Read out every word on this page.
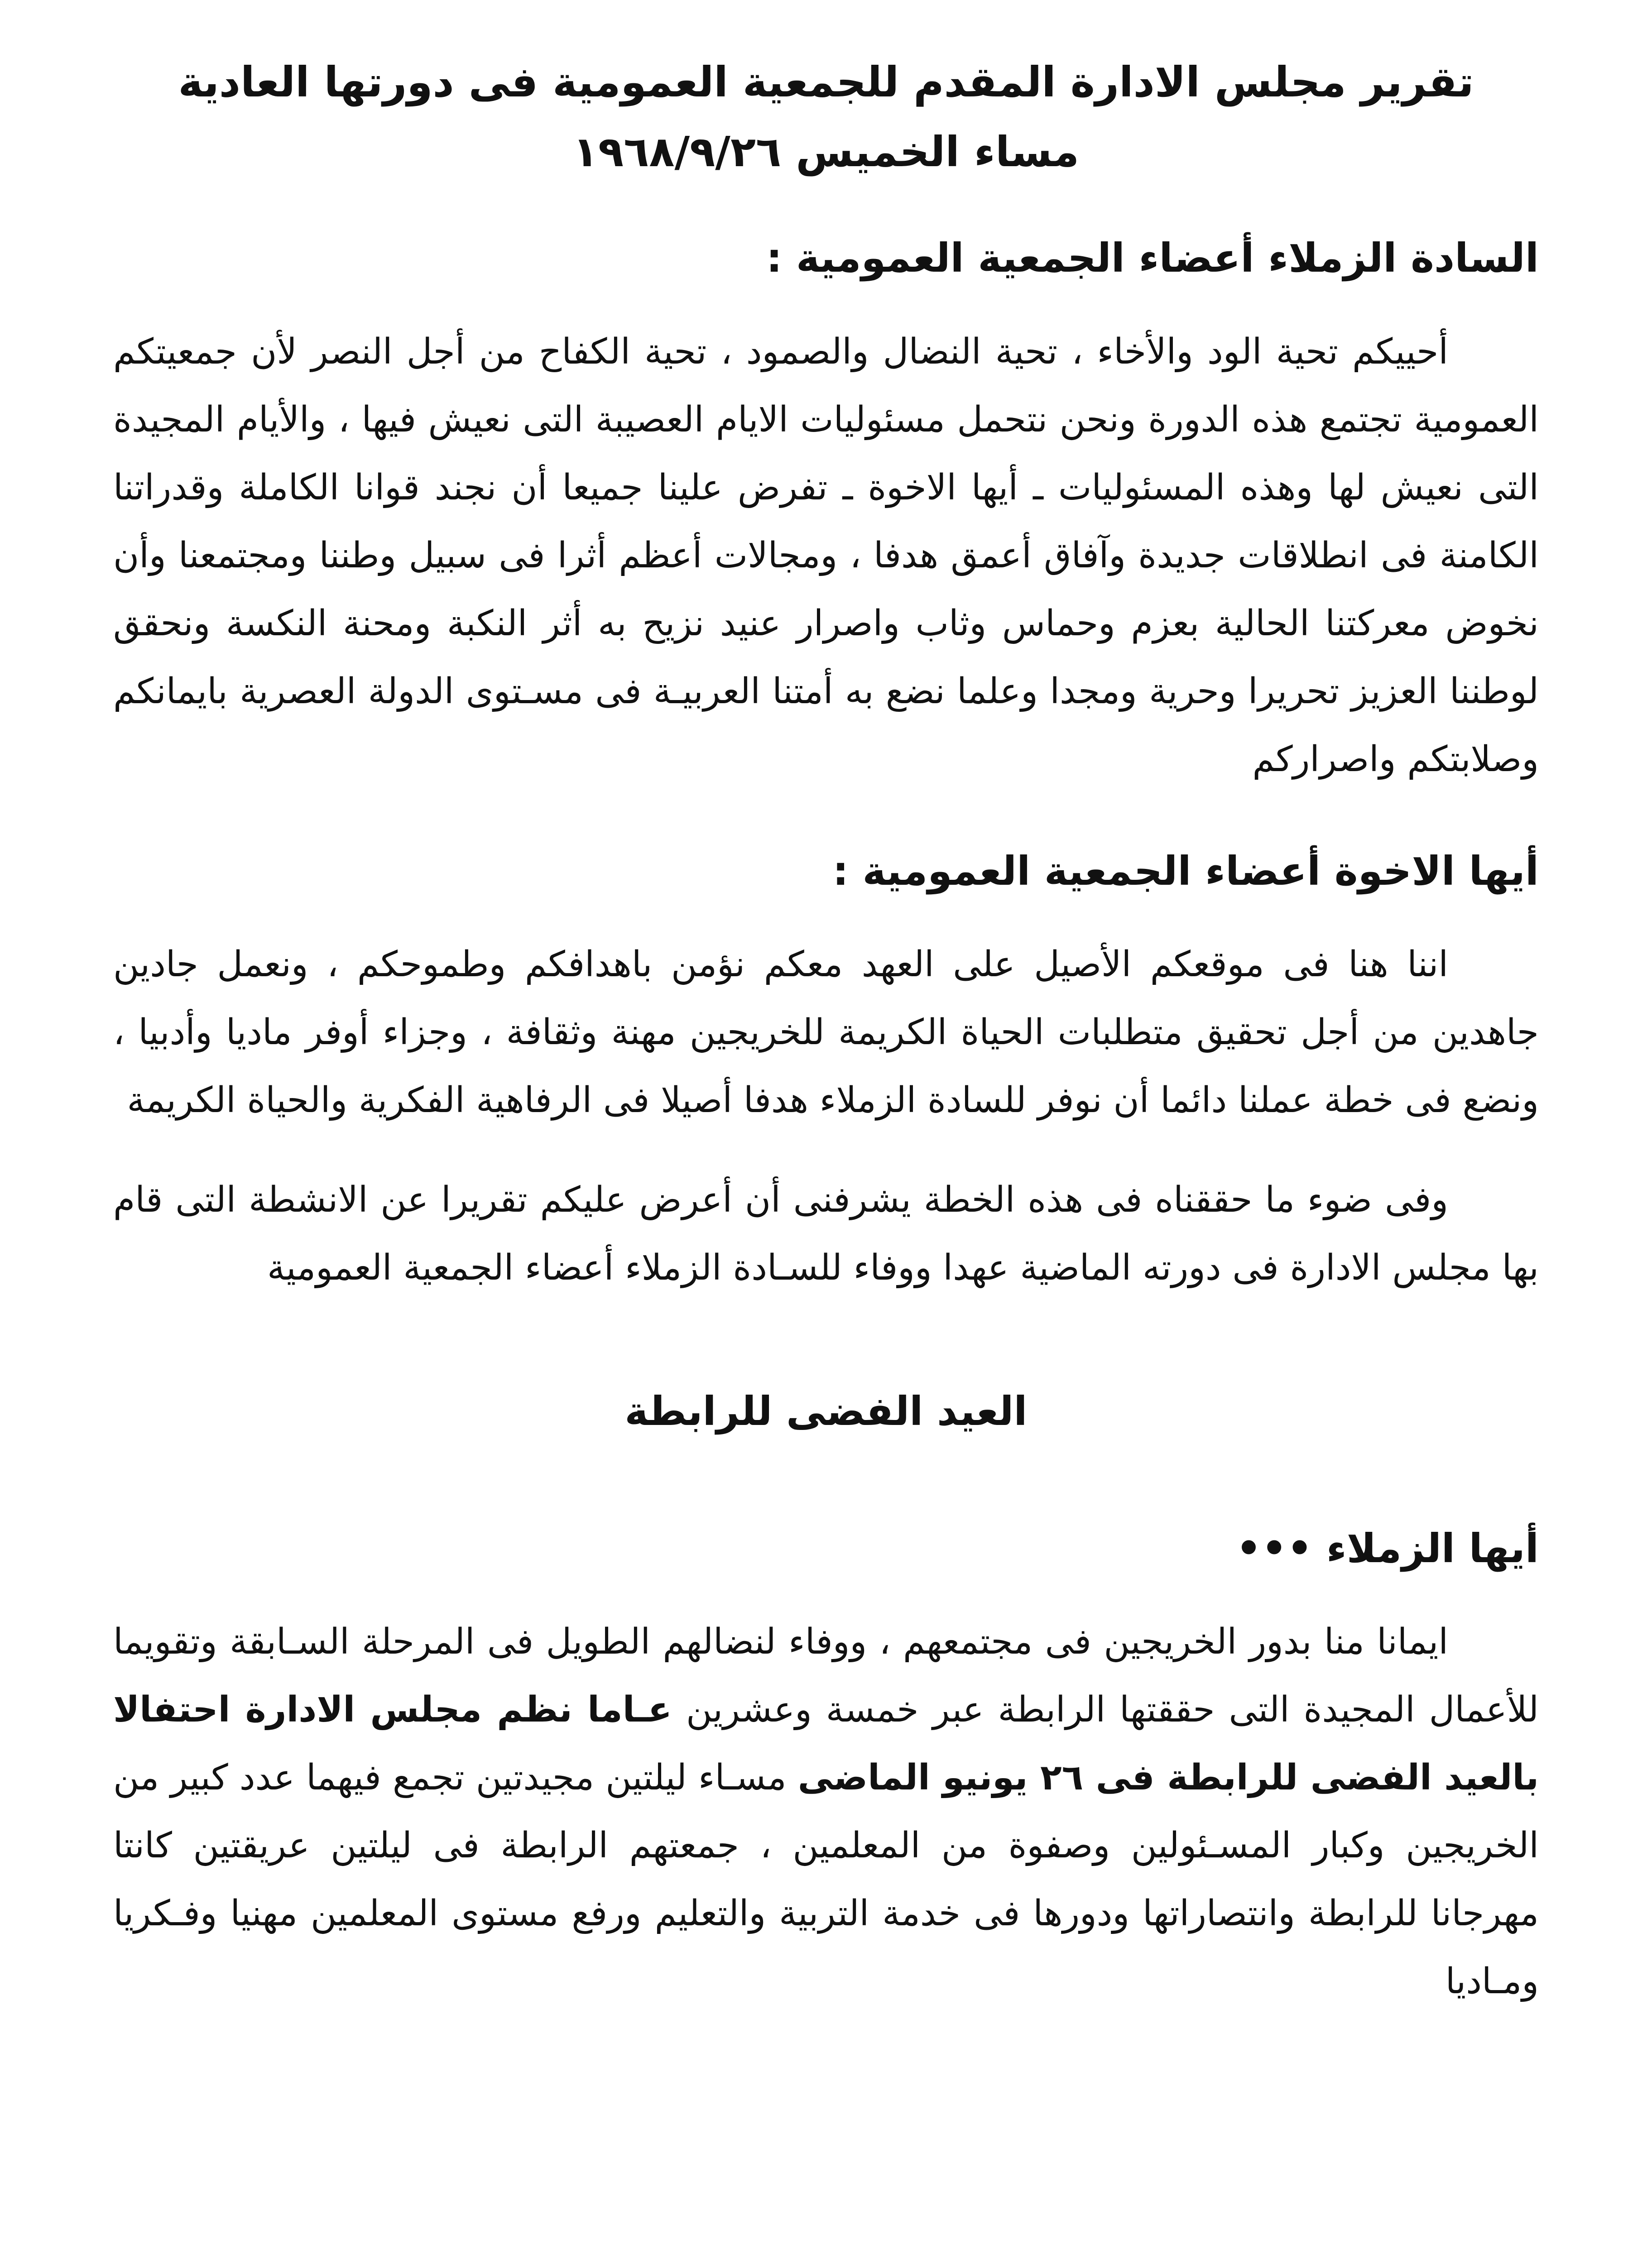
تقرير مجلس الادارة المقدم للجمعية العمومية فى دورتها العادية

مساء الخميس ١٩٦٨/٩/٢٦

السادة الزملاء أعضاء الجمعية العمومية :

أحييكم تحية الود والأخاء ، تحية النضال والصمود ، تحية الكفاح من أجل النصر لأن جمعيتكم العمومية تجتمع هذه الدورة ونحن نتحمل مسئوليات الايام العصيبة التى نعيش فيها ، والأيام المجيدة التى نعيش لها وهذه المسئوليات ـ أيها الاخوة ـ تفرض علينا جميعا أن نجند قوانا الكاملة وقدراتنا الكامنة فى انطلاقات جديدة وآفاق أعمق هدفا ، ومجالات أعظم أثرا فى سبيل وطننا ومجتمعنا وأن نخوض معركتنا الحالية بعزم وحماس وثاب واصرار عنيد نزيح به أثر النكبة ومحنة النكسة ونحقق لوطننا العزيز تحريرا وحرية ومجدا وعلما نضع به أمتنا العربيـة فى مسـتوى الدولة العصرية بايمانكم وصلابتكم واصراركم

أيها الاخوة أعضاء الجمعية العمومية :

اننا هنا فى موقعكم الأصيل على العهد معكم نؤمن باهدافكم وطموحكم ، ونعمل جادين جاهدين من أجل تحقيق متطلبات الحياة الكريمة للخريجين مهنة وثقافة ، وجزاء أوفر ماديا وأدبيا ، ونضع فى خطة عملنا دائما أن نوفر للسادة الزملاء هدفا أصيلا فى الرفاهية الفكرية والحياة الكريمة

وفى ضوء ما حققناه فى هذه الخطة يشرفنى أن أعرض عليكم تقريرا عن الانشطة التى قام بها مجلس الادارة فى دورته الماضية عهدا ووفاء للسـادة الزملاء أعضاء الجمعية العمومية

العيد الفضى للرابطة

أيها الزملاء •••

ايمانا منا بدور الخريجين فى مجتمعهم ، ووفاء لنضالهم الطويل فى المرحلة السـابقة وتقويما للأعمال المجيدة التى حققتها الرابطة عبر خمسة وعشرين عـاما نظم مجلس الادارة احتفالا بالعيد الفضى للرابطة فى ٢٦ يونيو الماضى مسـاء ليلتين مجيدتين تجمع فيهما عدد كبير من الخريجين وكبار المسـئولين وصفوة من المعلمين ، جمعتهم الرابطة فى ليلتين عريقتين كانتا مهرجانا للرابطة وانتصاراتها ودورها فى خدمة التربية والتعليم ورفع مستوى المعلمين مهنيا وفـكريا ومـاديا
